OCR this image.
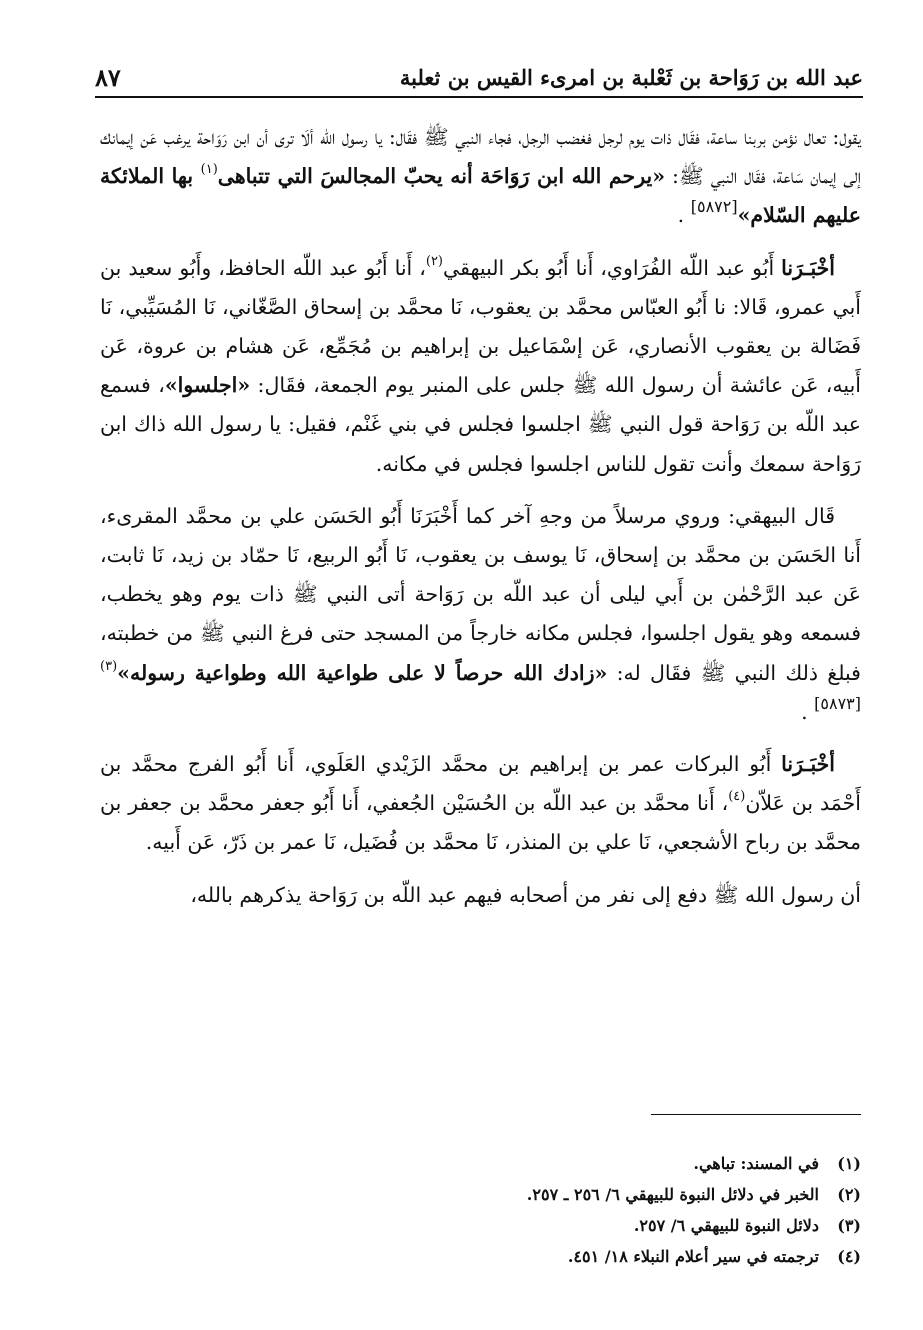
عبد الله بن رَوَاحة بن ثَعْلبة بن امرىء القيس بن ثعلبة
٨٧

يقول: تعال نؤمن بربنا ساعة، فقَال ذات يوم لرجل فغضب الرجل، فجاء النبي ﷺ فقَال: يا رسول الله ألَا ترى أن ابن رَوَاحة يرغب عَن إيمانك إلى إيمان سَاعة، فقَال النبي ﷺ: «يرحم الله ابن رَوَاحَة أنه يحبّ المجالسَ التي تتباهى$^{(١)}$ بها الملائكة عليهم السّلام»[٥٨٧٢] .

أخْبَـرَنا أَبُو عبد اللّه الفُرَاوي، أَنا أَبُو بكر البيهقي$^{(٢)}$، أَنا أَبُو عبد اللّه الحافظ، وأَبُو سعيد بن أَبي عمرو، قَالا: نا أَبُو العبّاس محمَّد بن يعقوب، نَا محمَّد بن إسحاق الصَّغّاني، نَا المُسَيِّبي، نَا فَضَالة بن يعقوب الأنصاري، عَن إسْمَاعيل بن إبراهيم بن مُجَمِّع، عَن هشام بن عروة، عَن أَبيه، عَن عائشة أن رسول الله ﷺ جلس على المنبر يوم الجمعة، فقَال: «اجلسوا»، فسمع عبد اللّه بن رَوَاحة قول النبي ﷺ اجلسوا فجلس في بني غَنْم، فقيل: يا رسول الله ذاك ابن رَوَاحة سمعك وأنت تقول للناس اجلسوا فجلس في مكانه.

قَال البيهقي: وروي مرسلاً من وجهِ آخر كما أَخْبَرَنَا أَبُو الحَسَن علي بن محمَّد المقرىء، أَنا الحَسَن بن محمَّد بن إسحاق، نَا يوسف بن يعقوب، نَا أَبُو الربيع، نَا حمّاد بن زيد، نَا ثابت، عَن عبد الرَّحْمٰن بن أَبي ليلى أن عبد اللّه بن رَوَاحة أتى النبي ﷺ ذات يوم وهو يخطب، فسمعه وهو يقول اجلسوا، فجلس مكانه خارجاً من المسجد حتى فرغ النبي ﷺ من خطبته، فبلغ ذلك النبي ﷺ فقَال له: «زادك الله حرصاً لا على طواعية الله وطواعية رسوله»$^{(٣)[٥٨٧٣]}$ .

أخْبَـرَنا أَبُو البركات عمر بن إبراهيم بن محمَّد الزَيْدي العَلَوي، أَنا أَبُو الفرج محمَّد بن أَحْمَد بن عَلاّن$^{(٤)}$، أَنا محمَّد بن عبد اللّه بن الحُسَيْن الجُعفي، أَنا أَبُو جعفر محمَّد بن جعفر بن محمَّد بن رباح الأشجعي، نَا علي بن المنذر، نَا محمَّد بن فُضَيل، نَا عمر بن ذَرّ، عَن أَبيه.

أن رسول الله ﷺ دفع إلى نفر من أصحابه فيهم عبد اللّه بن رَوَاحة يذكرهم بالله،

(١)
في المسند: تباهي.
(٢)
الخبر في دلائل النبوة للبيهقي ٦/ ٢٥٦ ـ ٢٥٧.
(٣)
دلائل النبوة للبيهقي ٦/ ٢٥٧.
(٤)
ترجمته في سير أعلام النبلاء ١٨/ ٤٥١.
